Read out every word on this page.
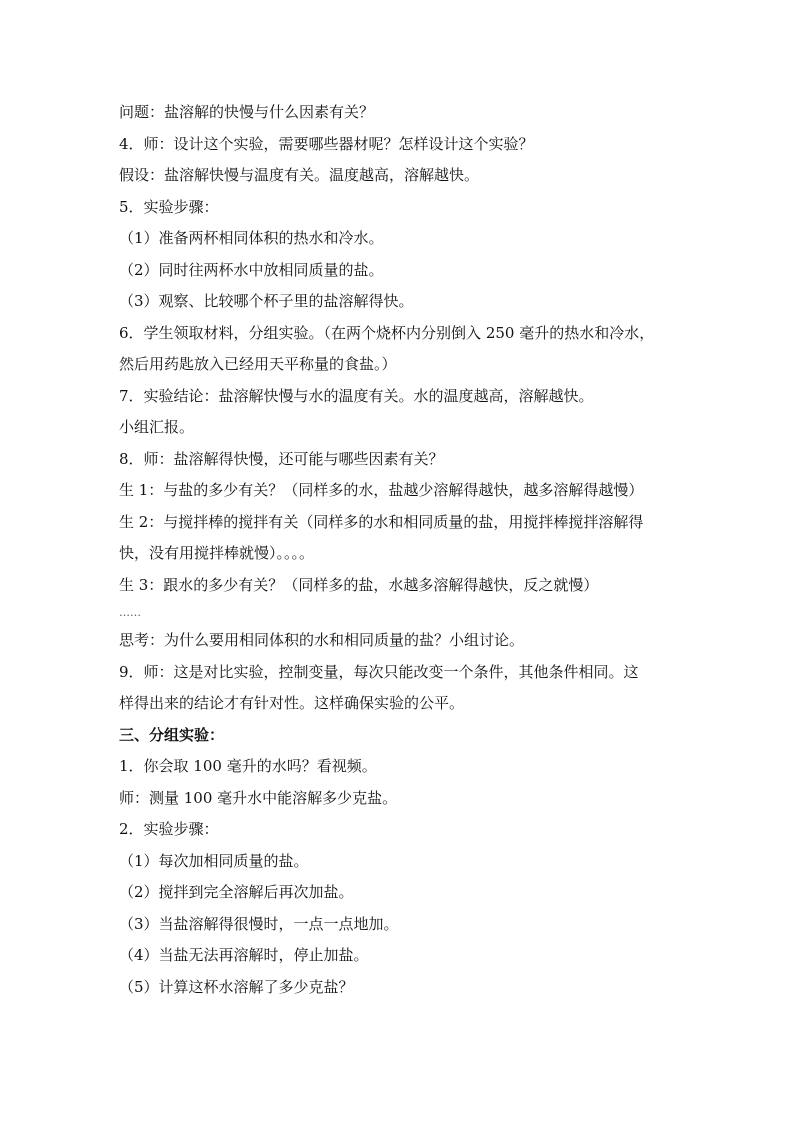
问题：盐溶解的快慢与什么因素有关？
4．师：设计这个实验，需要哪些器材呢？怎样设计这个实验？
假设：盐溶解快慢与温度有关。温度越高，溶解越快。
5．实验步骤：
（1）准备两杯相同体积的热水和冷水。
（2）同时往两杯水中放相同质量的盐。
（3）观察、比较哪个杯子里的盐溶解得快。
6．学生领取材料，分组实验。（在两个烧杯内分别倒入 250 毫升的热水和冷水，
然后用药匙放入已经用天平称量的食盐。）
7．实验结论：盐溶解快慢与水的温度有关。水的温度越高，溶解越快。
小组汇报。
8．师：盐溶解得快慢，还可能与哪些因素有关？
生 1：与盐的多少有关？（同样多的水，盐越少溶解得越快，越多溶解得越慢）
生 2：与搅拌棒的搅拌有关（同样多的水和相同质量的盐，用搅拌棒搅拌溶解得
快，没有用搅拌棒就慢）。。。。
生 3：跟水的多少有关？（同样多的盐，水越多溶解得越快，反之就慢）
……
思考：为什么要用相同体积的水和相同质量的盐？小组讨论。
9．师：这是对比实验，控制变量，每次只能改变一个条件，其他条件相同。这
样得出来的结论才有针对性。这样确保实验的公平。
三、分组实验：
1．你会取 100 毫升的水吗？看视频。
师：测量 100 毫升水中能溶解多少克盐。
2．实验步骤：
（1）每次加相同质量的盐。
（2）搅拌到完全溶解后再次加盐。
（3）当盐溶解得很慢时，一点一点地加。
（4）当盐无法再溶解时，停止加盐。
（5）计算这杯水溶解了多少克盐？
